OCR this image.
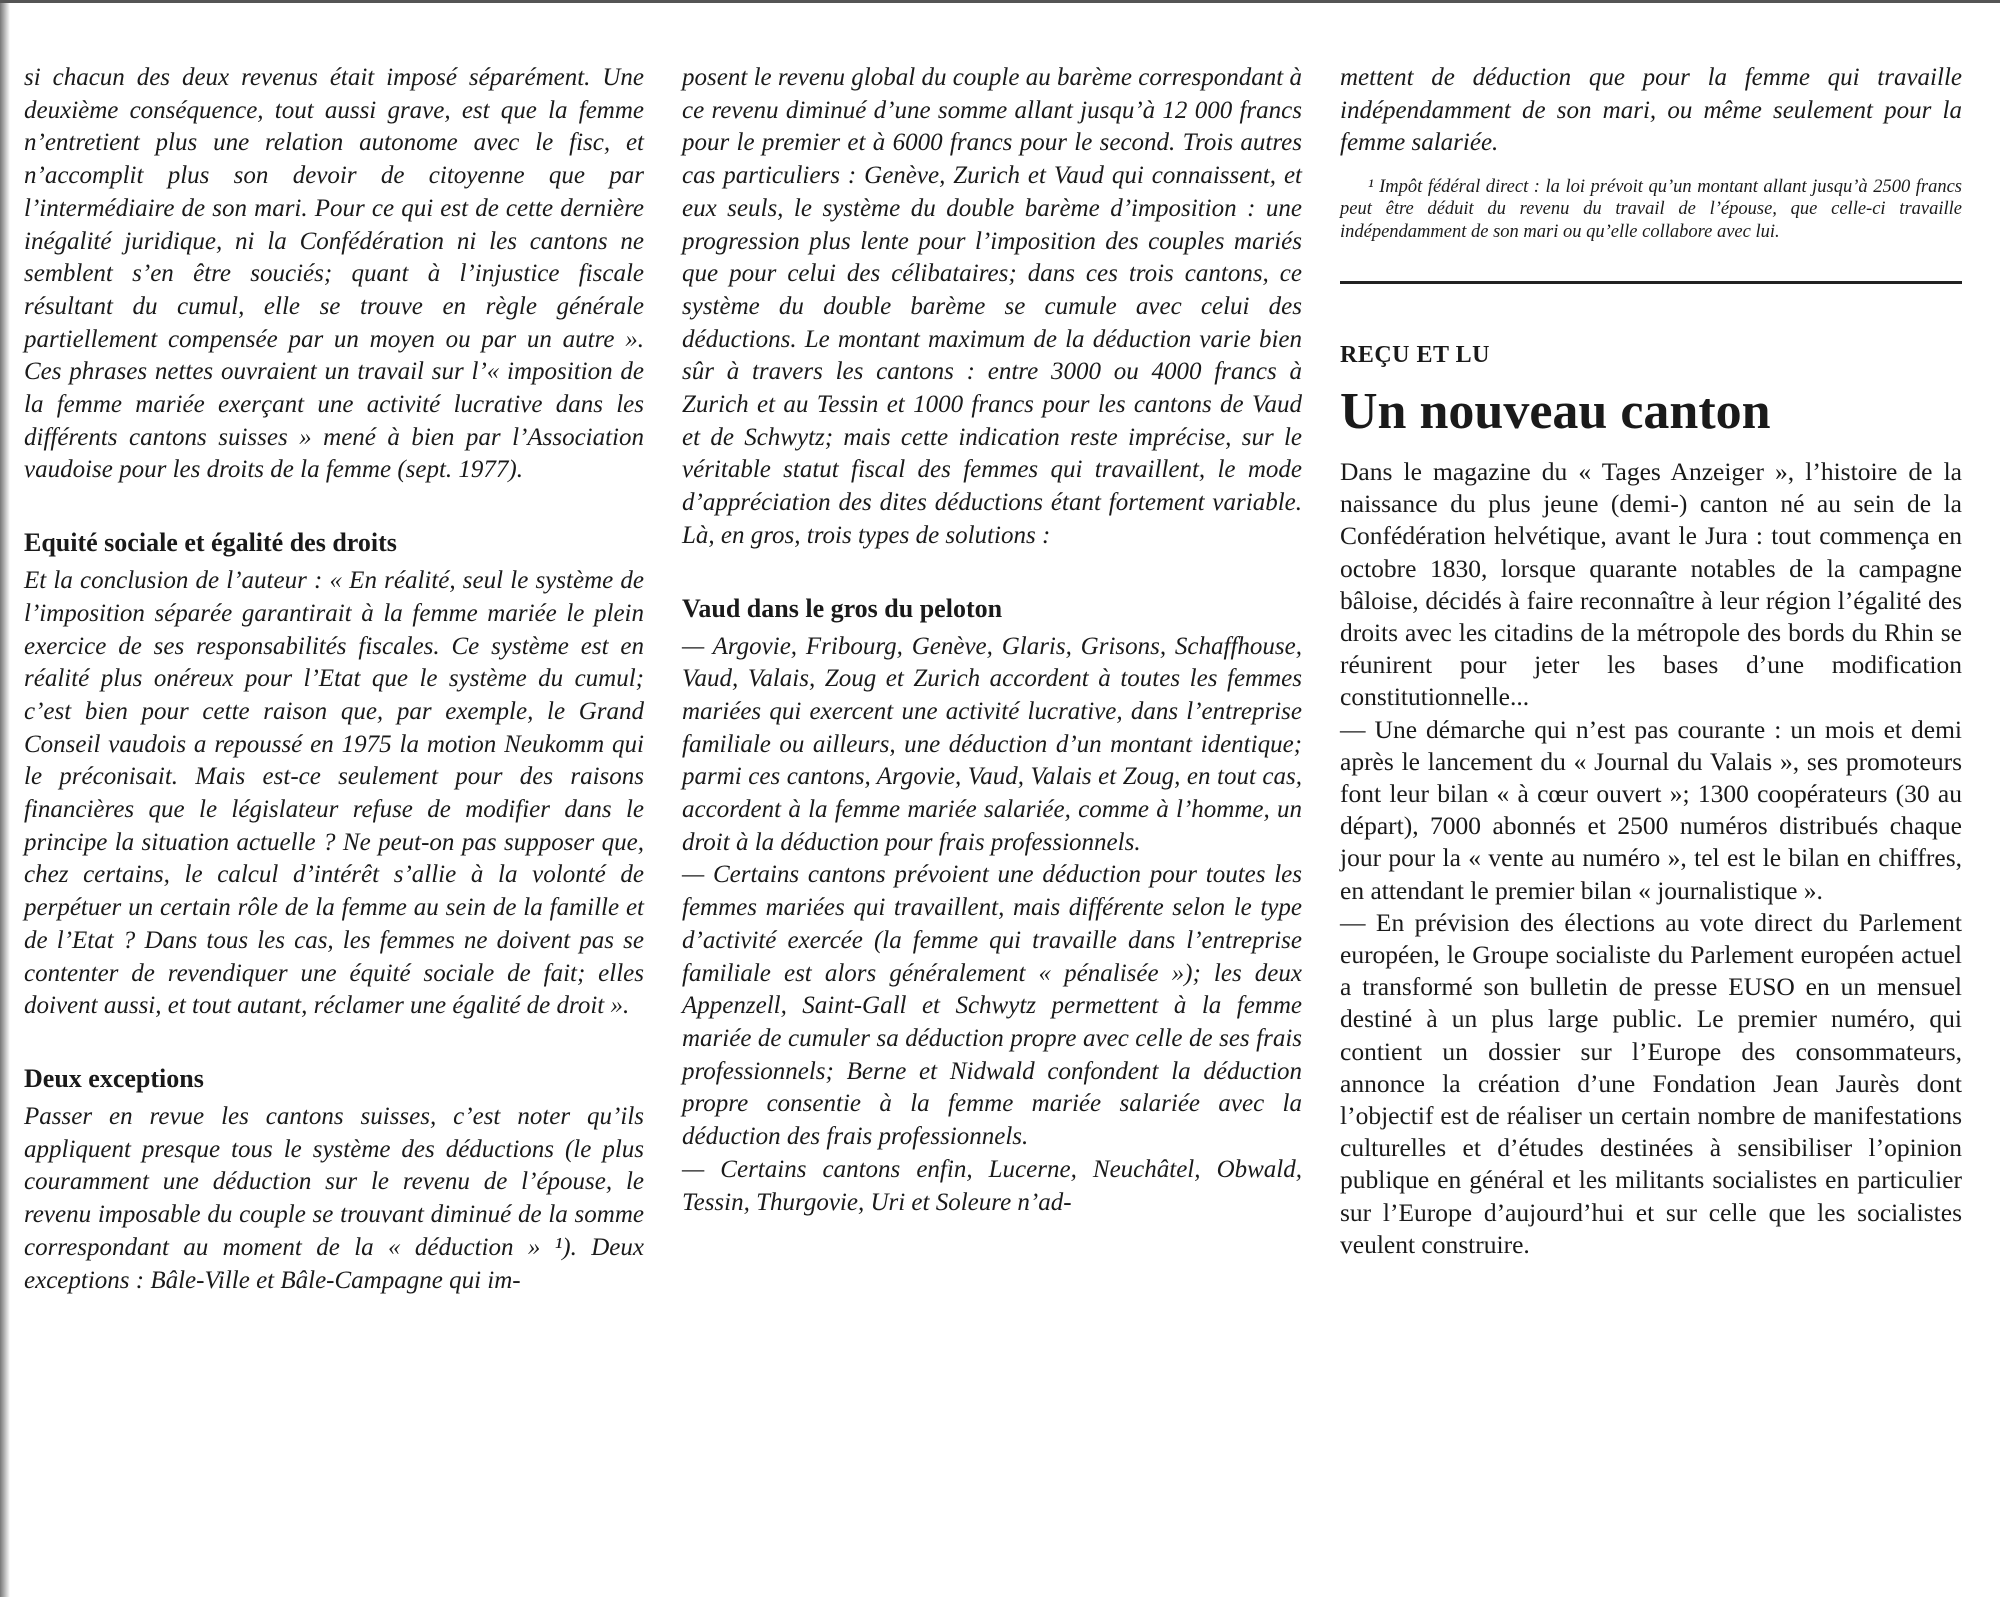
si chacun des deux revenus était imposé séparément. Une deuxième conséquence, tout aussi grave, est que la femme n’entretient plus une relation autonome avec le fisc, et n’accomplit plus son devoir de citoyenne que par l’intermédiaire de son mari. Pour ce qui est de cette dernière inégalité juridique, ni la Confédération ni les cantons ne semblent s’en être souciés; quant à l’injustice fiscale résultant du cumul, elle se trouve en règle générale partiellement compensée par un moyen ou par un autre ». Ces phrases nettes ouvraient un travail sur l’« imposition de la femme mariée exerçant une activité lucrative dans les différents cantons suisses » mené à bien par l’Association vaudoise pour les droits de la femme (sept. 1977).

Equité sociale et égalité des droits

Et la conclusion de l’auteur : « En réalité, seul le système de l’imposition séparée garantirait à la femme mariée le plein exercice de ses responsabilités fiscales. Ce système est en réalité plus onéreux pour l’Etat que le système du cumul; c’est bien pour cette raison que, par exemple, le Grand Conseil vaudois a repoussé en 1975 la motion Neukomm qui le préconisait. Mais est-ce seulement pour des raisons financières que le législateur refuse de modifier dans le principe la situation actuelle ? Ne peut-on pas supposer que, chez certains, le calcul d’intérêt s’allie à la volonté de perpétuer un certain rôle de la femme au sein de la famille et de l’Etat ? Dans tous les cas, les femmes ne doivent pas se contenter de revendiquer une équité sociale de fait; elles doivent aussi, et tout autant, réclamer une égalité de droit ».

Deux exceptions

Passer en revue les cantons suisses, c’est noter qu’ils appliquent presque tous le système des déductions (le plus couramment une déduction sur le revenu de l’épouse, le revenu imposable du couple se trouvant diminué de la somme correspondant au moment de la « déduction » ¹). Deux exceptions : Bâle-Ville et Bâle-Campagne qui im-

posent le revenu global du couple au barème correspondant à ce revenu diminué d’une somme allant jusqu’à 12 000 francs pour le premier et à 6000 francs pour le second. Trois autres cas particuliers : Genève, Zurich et Vaud qui connaissent, et eux seuls, le système du double barème d’imposition : une progression plus lente pour l’imposition des couples mariés que pour celui des célibataires; dans ces trois cantons, ce système du double barème se cumule avec celui des déductions. Le montant maximum de la déduction varie bien sûr à travers les cantons : entre 3000 ou 4000 francs à Zurich et au Tessin et 1000 francs pour les cantons de Vaud et de Schwytz; mais cette indication reste imprécise, sur le véritable statut fiscal des femmes qui travaillent, le mode d’appréciation des dites déductions étant fortement variable. Là, en gros, trois types de solutions :

Vaud dans le gros du peloton

— Argovie, Fribourg, Genève, Glaris, Grisons, Schaffhouse, Vaud, Valais, Zoug et Zurich accordent à toutes les femmes mariées qui exercent une activité lucrative, dans l’entreprise familiale ou ailleurs, une déduction d’un montant identique; parmi ces cantons, Argovie, Vaud, Valais et Zoug, en tout cas, accordent à la femme mariée salariée, comme à l’homme, un droit à la déduction pour frais professionnels.

— Certains cantons prévoient une déduction pour toutes les femmes mariées qui travaillent, mais différente selon le type d’activité exercée (la femme qui travaille dans l’entreprise familiale est alors généralement « pénalisée »); les deux Appenzell, Saint-Gall et Schwytz permettent à la femme mariée de cumuler sa déduction propre avec celle de ses frais professionnels; Berne et Nidwald confondent la déduction propre consentie à la femme mariée salariée avec la déduction des frais professionnels.

— Certains cantons enfin, Lucerne, Neuchâtel, Obwald, Tessin, Thurgovie, Uri et Soleure n’ad-

mettent de déduction que pour la femme qui travaille indépendamment de son mari, ou même seulement pour la femme salariée.

¹ Impôt fédéral direct : la loi prévoit qu’un montant allant jusqu’à 2500 francs peut être déduit du revenu du travail de l’épouse, que celle-ci travaille indépendamment de son mari ou qu’elle collabore avec lui.

REÇU ET LU
Un nouveau canton

Dans le magazine du « Tages Anzeiger », l’histoire de la naissance du plus jeune (demi-) canton né au sein de la Confédération helvétique, avant le Jura : tout commença en octobre 1830, lorsque quarante notables de la campagne bâloise, décidés à faire reconnaître à leur région l’égalité des droits avec les citadins de la métropole des bords du Rhin se réunirent pour jeter les bases d’une modification constitutionnelle...

— Une démarche qui n’est pas courante : un mois et demi après le lancement du « Journal du Valais », ses promoteurs font leur bilan « à cœur ouvert »; 1300 coopérateurs (30 au départ), 7000 abonnés et 2500 numéros distribués chaque jour pour la « vente au numéro », tel est le bilan en chiffres, en attendant le premier bilan « journalistique ».

— En prévision des élections au vote direct du Parlement européen, le Groupe socialiste du Parlement européen actuel a transformé son bulletin de presse EUSO en un mensuel destiné à un plus large public. Le premier numéro, qui contient un dossier sur l’Europe des consommateurs, annonce la création d’une Fondation Jean Jaurès dont l’objectif est de réaliser un certain nombre de manifestations culturelles et d’études destinées à sensibiliser l’opinion publique en général et les militants socialistes en particulier sur l’Europe d’aujourd’hui et sur celle que les socialistes veulent construire.
